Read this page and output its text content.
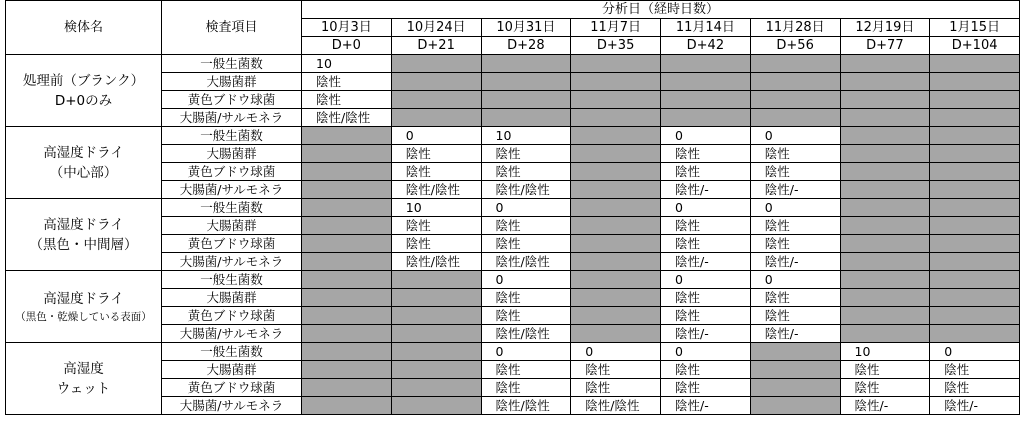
検体名	検査項目	分析日（経時日数）							
		10月3日	10月24日	10月31日	11月7日	11月14日	11月28日	12月19日	1月15日
		D+0	D+21	D+28	D+35	D+42	D+56	D+77	D+104

処理前（ブランク）
D+0のみ	一般生菌数	10							
	大腸菌群	陰性							
	黄色ブドウ球菌	陰性							
	大腸菌/サルモネラ	陰性/陰性							

高湿度ドライ
（中心部）	一般生菌数		0	10		0	0		
	大腸菌群		陰性	陰性		陰性	陰性		
	黄色ブドウ球菌		陰性	陰性		陰性	陰性		
	大腸菌/サルモネラ		陰性/陰性	陰性/陰性		陰性/-	陰性/-		

高湿度ドライ
（黒色・中間層）	一般生菌数		10	0		0	0		
	大腸菌群		陰性	陰性		陰性	陰性		
	黄色ブドウ球菌		陰性	陰性		陰性	陰性		
	大腸菌/サルモネラ		陰性/陰性	陰性/陰性		陰性/-	陰性/-		

高湿度ドライ
（黒色・乾燥している表面）	一般生菌数			0		0	0		
	大腸菌群			陰性		陰性	陰性		
	黄色ブドウ球菌			陰性		陰性	陰性		
	大腸菌/サルモネラ			陰性/陰性		陰性/-	陰性/-		

高湿度
ウェット	一般生菌数			0	0	0		10	0
	大腸菌群			陰性	陰性	陰性		陰性	陰性
	黄色ブドウ球菌			陰性	陰性	陰性		陰性	陰性
	大腸菌/サルモネラ			陰性/陰性	陰性/陰性	陰性/-		陰性/-	陰性/-
